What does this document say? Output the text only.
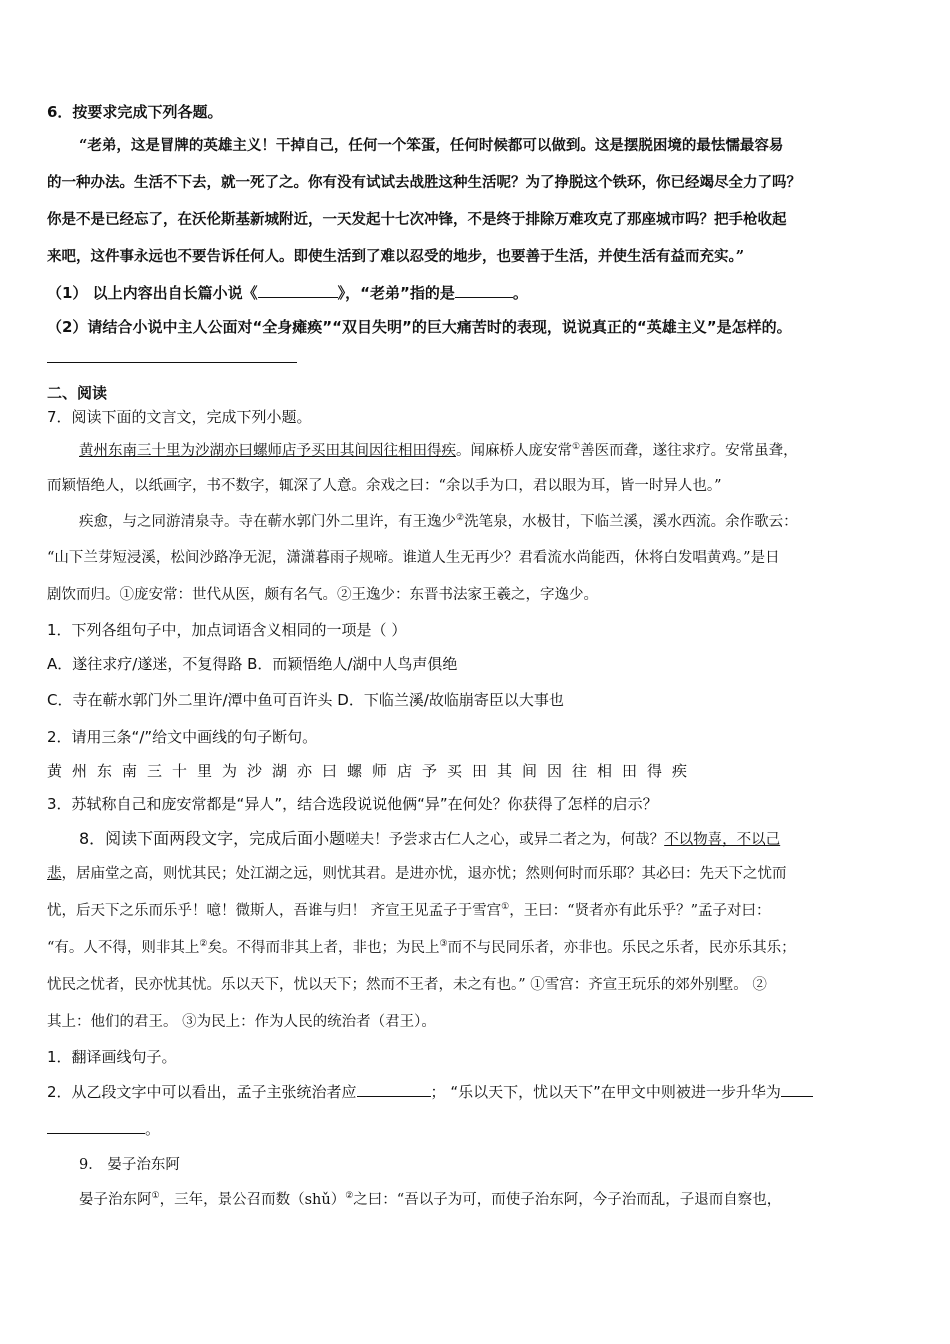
6．按要求完成下列各题。
“老弟，这是冒牌的英雄主义！干掉自己，任何一个笨蛋，任何时候都可以做到。这是摆脱困境的最怯懦最容易
的一种办法。生活不下去，就一死了之。你有没有试试去战胜这种生活呢？为了挣脱这个铁环，你已经竭尽全力了吗？
你是不是已经忘了，在沃伦斯基新城附近，一天发起十七次冲锋，不是终于排除万难攻克了那座城市吗？把手枪收起
来吧，这件事永远也不要告诉任何人。即使生活到了难以忍受的地步，也要善于生活，并使生活有益而充实。”
（1） 以上内容出自长篇小说《	》，“老弟”指的是	。
（2）请结合小说中主人公面对“全身瘫痪”“双目失明”的巨大痛苦时的表现，说说真正的“英雄主义”是怎样的。
二、阅读
7．阅读下面的文言文，完成下列小题。
黄州东南三十里为沙湖亦曰螺师店予买田其间因往相田得疾。闻麻桥人庞安常①善医而聋，遂往求疗。安常虽聋，
而颖悟绝人，以纸画字，书不数字，辄深了人意。余戏之曰：“余以手为口，君以眼为耳，皆一时异人也。”
疾愈，与之同游清泉寺。寺在蕲水郭门外二里许，有王逸少②洗笔泉，水极甘，下临兰溪，溪水西流。余作歌云：
“山下兰芽短浸溪，松间沙路净无泥，潇潇暮雨子规啼。谁道人生无再少？君看流水尚能西，休将白发唱黄鸡。”是日
剧饮而归。①庞安常：世代从医，颇有名气。②王逸少：东晋书法家王羲之，字逸少。
1．下列各组句子中，加点词语含义相同的一项是（ ）
A．遂往求疗/遂迷，不复得路 B．而颖悟绝人/湖中人鸟声俱绝
C．寺在蕲水郭门外二里许/潭中鱼可百许头 D．下临兰溪/故临崩寄臣以大事也
2．请用三条“/”给文中画线的句子断句。
黄州东南三十里为沙湖亦曰螺师店予买田其间因往相田得疾
3．苏轼称自己和庞安常都是“异人”，结合选段说说他俩“异”在何处？你获得了怎样的启示？
8．阅读下面两段文字，完成后面小题嗟夫！予尝求古仁人之心，或异二者之为，何哉？不以物喜，不以己
悲，居庙堂之高，则忧其民；处江湖之远，则忧其君。是进亦忧，退亦忧；然则何时而乐耶？其必曰：先天下之忧而
忧，后天下之乐而乐乎！噫！微斯人，吾谁与归！ 齐宣王见孟子于雪宫①，王曰：“贤者亦有此乐乎？”孟子对曰：
“有。人不得，则非其上②矣。不得而非其上者，非也；为民上③而不与民同乐者，亦非也。乐民之乐者，民亦乐其乐；
忧民之忧者，民亦忧其忧。乐以天下，忧以天下；然而不王者，未之有也。” ①雪宫：齐宣王玩乐的郊外别墅。 ②
其上：他们的君王。 ③为民上：作为人民的统治者（君王）。
1．翻译画线句子。
2．从乙段文字中可以看出，孟子主张统治者应	； “乐以天下，忧以天下”在甲文中则被进一步升华为
。
9． 晏子治东阿
晏子治东阿①，三年，景公召而数（shǔ）②之曰：“吾以子为可，而使子治东阿，今子治而乱，子退而自察也，
